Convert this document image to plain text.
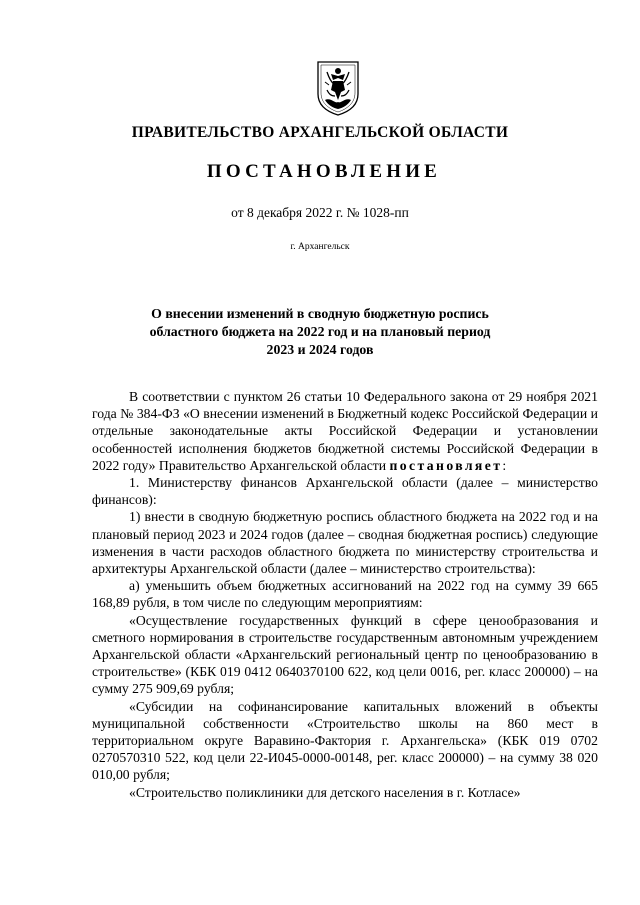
ПРАВИТЕЛЬСТВО АРХАНГЕЛЬСКОЙ ОБЛАСТИ
ПОСТАНОВЛЕНИЕ
от 8 декабря 2022 г. № 1028-пп
г. Архангельск
О внесении изменений в сводную бюджетную роспись
областного бюджета на 2022 год и на плановый период
2023 и 2024 годов

В соответствии с пунктом 26 статьи 10 Федерального закона от 29 ноября 2021 года № 384-ФЗ «О внесении изменений в Бюджетный кодекс Российской Федерации и отдельные законодательные акты Российской Федерации и установлении особенностей исполнения бюджетов бюджетной системы Российской Федерации в 2022 году» Правительство Архангельской области постановляет:

1. Министерству финансов Архангельской области (далее – министерство финансов):

1) внести в сводную бюджетную роспись областного бюджета на 2022 год и на плановый период 2023 и 2024 годов (далее – сводная бюджетная роспись) следующие изменения в части расходов областного бюджета по министерству строительства и архитектуры Архангельской области (далее – министерство строительства):

а) уменьшить объем бюджетных ассигнований на 2022 год на сумму 39 665 168,89 рубля, в том числе по следующим мероприятиям:

«Осуществление государственных функций в сфере ценообразования и сметного нормирования в строительстве государственным автономным учреждением Архангельской области «Архангельский региональный центр по ценообразованию в строительстве» (КБК 019 0412 0640370100 622, код цели 0016, рег. класс 200000) – на сумму 275 909,69 рубля;

«Субсидии на софинансирование капитальных вложений в объекты муниципальной собственности «Строительство школы на 860 мест в территориальном округе Варавино-Фактория г. Архангельска» (КБК 019 0702 0270570310 522, код цели 22-И045-0000-00148, рег. класс 200000) – на сумму 38 020 010,00 рубля;

«Строительство поликлиники для детского населения в г. Котласе»
